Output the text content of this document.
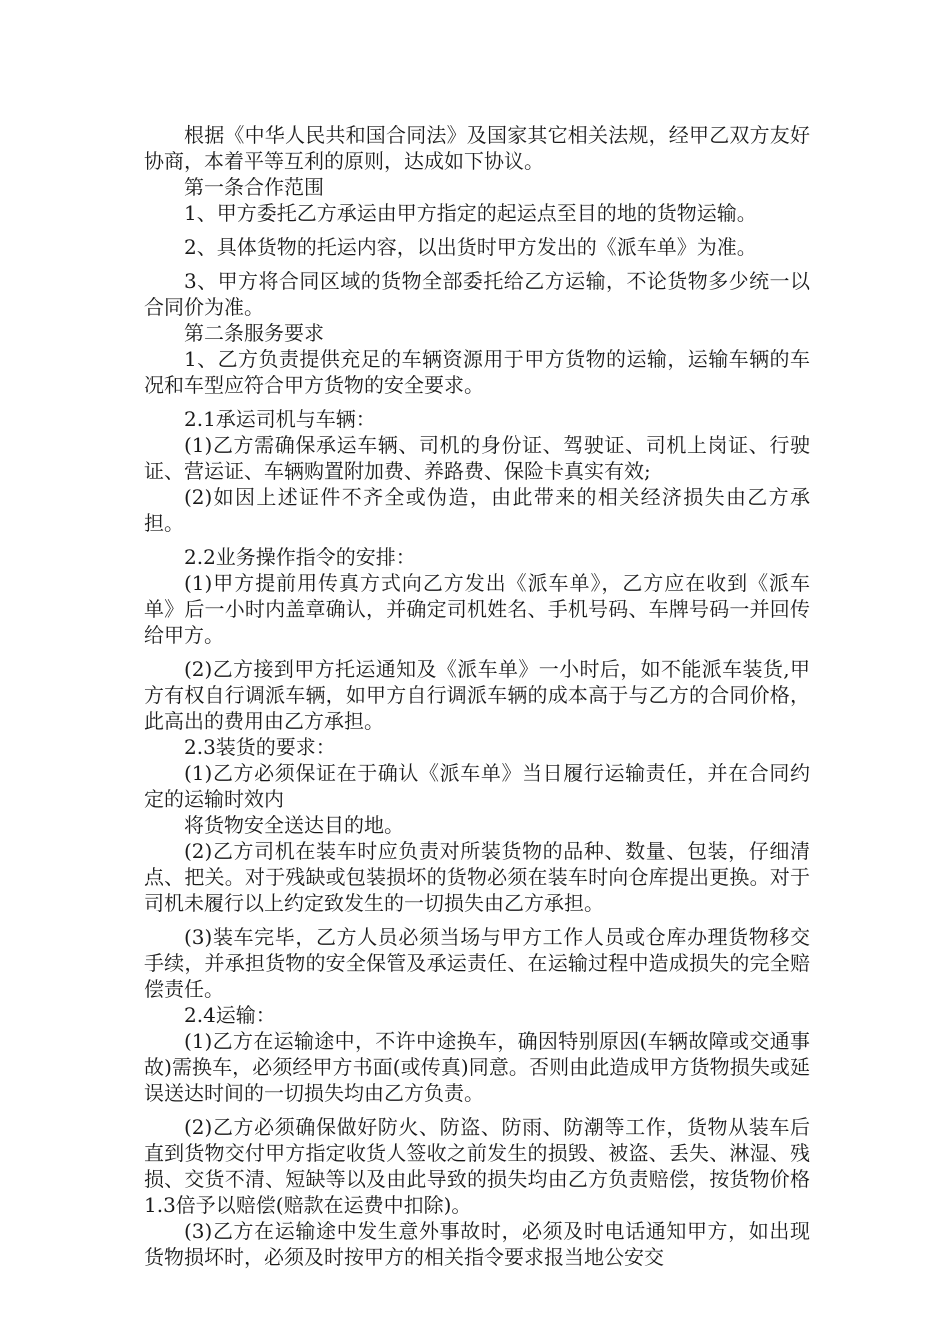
根据《中华人民共和国合同法》及国家其它相关法规，经甲乙双方友好协商，本着平等互利的原则，达成如下协议。

第一条合作范围

1、甲方委托乙方承运由甲方指定的起运点至目的地的货物运输。

2、具体货物的托运内容，以出货时甲方发出的《派车单》为准。

3、甲方将合同区域的货物全部委托给乙方运输，不论货物多少统一以合同价为准。

第二条服务要求

1、乙方负责提供充足的车辆资源用于甲方货物的运输，运输车辆的车况和车型应符合甲方货物的安全要求。

2.1承运司机与车辆：

(1)乙方需确保承运车辆、司机的身份证、驾驶证、司机上岗证、行驶证、营运证、车辆购置附加费、养路费、保险卡真实有效;

(2)如因上述证件不齐全或伪造，由此带来的相关经济损失由乙方承担。

2.2业务操作指令的安排：

(1)甲方提前用传真方式向乙方发出《派车单》，乙方应在收到《派车单》后一小时内盖章确认，并确定司机姓名、手机号码、车牌号码一并回传给甲方。

(2)乙方接到甲方托运通知及《派车单》一小时后，如不能派车装货,甲方有权自行调派车辆，如甲方自行调派车辆的成本高于与乙方的合同价格，此高出的费用由乙方承担。

2.3装货的要求：

(1)乙方必须保证在于确认《派车单》当日履行运输责任，并在合同约定的运输时效内

将货物安全送达目的地。

(2)乙方司机在装车时应负责对所装货物的品种、数量、包装，仔细清点、把关。对于残缺或包装损坏的货物必须在装车时向仓库提出更换。对于司机未履行以上约定致发生的一切损失由乙方承担。

(3)装车完毕，乙方人员必须当场与甲方工作人员或仓库办理货物移交手续，并承担货物的安全保管及承运责任、在运输过程中造成损失的完全赔偿责任。

2.4运输：

(1)乙方在运输途中，不许中途换车，确因特别原因(车辆故障或交通事故)需换车，必须经甲方书面(或传真)同意。否则由此造成甲方货物损失或延误送达时间的一切损失均由乙方负责。

(2)乙方必须确保做好防火、防盗、防雨、防潮等工作，货物从装车后直到货物交付甲方指定收货人签收之前发生的损毁、被盗、丢失、淋湿、残损、交货不清、短缺等以及由此导致的损失均由乙方负责赔偿，按货物价格1.3倍予以赔偿(赔款在运费中扣除)。

(3)乙方在运输途中发生意外事故时，必须及时电话通知甲方，如出现货物损坏时，必须及时按甲方的相关指令要求报当地公安交
